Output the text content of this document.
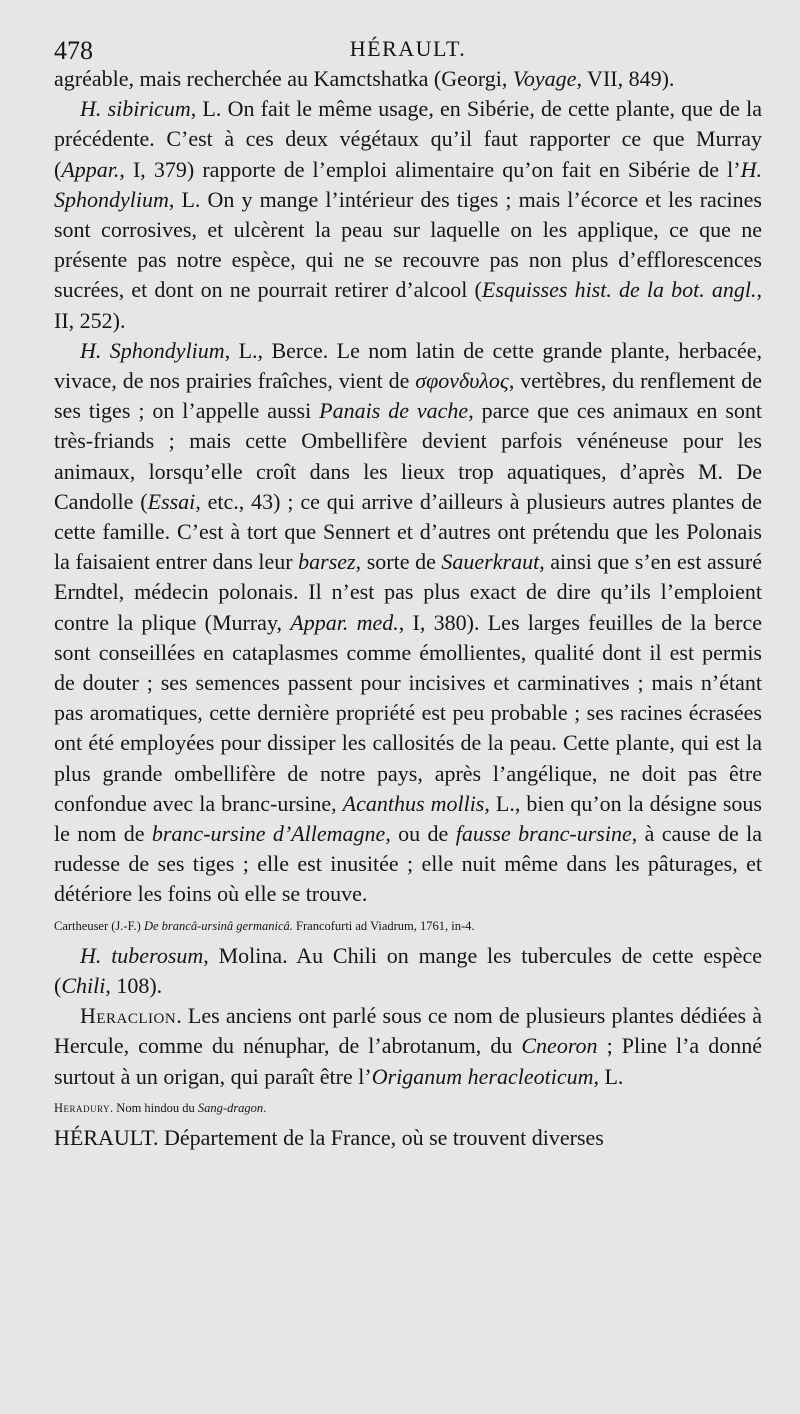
478	HÉRAULT.

agréable, mais recherchée au Kamctshatka (Georgi, Voyage, VII, 849).

H. sibiricum, L. On fait le même usage, en Sibérie, de cette plante, que de la précédente. C’est à ces deux végétaux qu’il faut rapporter ce que Murray (Appar., I, 379) rapporte de l’emploi alimentaire qu’on fait en Sibérie de l’H. Sphondylium, L. On y mange l’intérieur des tiges ; mais l’écorce et les racines sont corrosives, et ulcèrent la peau sur laquelle on les applique, ce que ne présente pas notre espèce, qui ne se recouvre pas non plus d’efflorescences sucrées, et dont on ne pourrait retirer d’alcool (Esquisses hist. de la bot. angl., II, 252).

H. Sphondylium, L., Berce. Le nom latin de cette grande plante, herbacée, vivace, de nos prairies fraîches, vient de σφονδυλος, vertèbres, du renflement de ses tiges ; on l’appelle aussi Panais de vache, parce que ces animaux en sont très-friands ; mais cette Ombellifère devient parfois vénéneuse pour les animaux, lorsqu’elle croît dans les lieux trop aquatiques, d’après M. De Candolle (Essai, etc., 43) ; ce qui arrive d’ailleurs à plusieurs autres plantes de cette famille. C’est à tort que Sennert et d’autres ont prétendu que les Polonais la faisaient entrer dans leur barsez, sorte de Sauerkraut, ainsi que s’en est assuré Erndtel, médecin polonais. Il n’est pas plus exact de dire qu’ils l’emploient contre la plique (Murray, Appar. med., I, 380). Les larges feuilles de la berce sont conseillées en cataplasmes comme émollientes, qualité dont il est permis de douter ; ses semences passent pour incisives et carminatives ; mais n’étant pas aromatiques, cette dernière propriété est peu probable ; ses racines écrasées ont été employées pour dissiper les callosités de la peau. Cette plante, qui est la plus grande ombellifère de notre pays, après l’angélique, ne doit pas être confondue avec la branc-ursine, Acanthus mollis, L., bien qu’on la désigne sous le nom de branc-ursine d’Allemagne, ou de fausse branc-ursine, à cause de la rudesse de ses tiges ; elle est inusitée ; elle nuit même dans les pâturages, et détériore les foins où elle se trouve.

Cartheuser (J.-F.) De brancâ-ursinâ germanicâ. Francofurti ad Viadrum, 1761, in-4.

H. tuberosum, Molina. Au Chili on mange les tubercules de cette espèce (Chili, 108).

Heraclion. Les anciens ont parlé sous ce nom de plusieurs plantes dédiées à Hercule, comme du nénuphar, de l’abrotanum, du Cneoron ; Pline l’a donné surtout à un origan, qui paraît être l’Origanum heracleoticum, L.

Heradury. Nom hindou du Sang-dragon.

HÉRAULT. Département de la France, où se trouvent diverses
